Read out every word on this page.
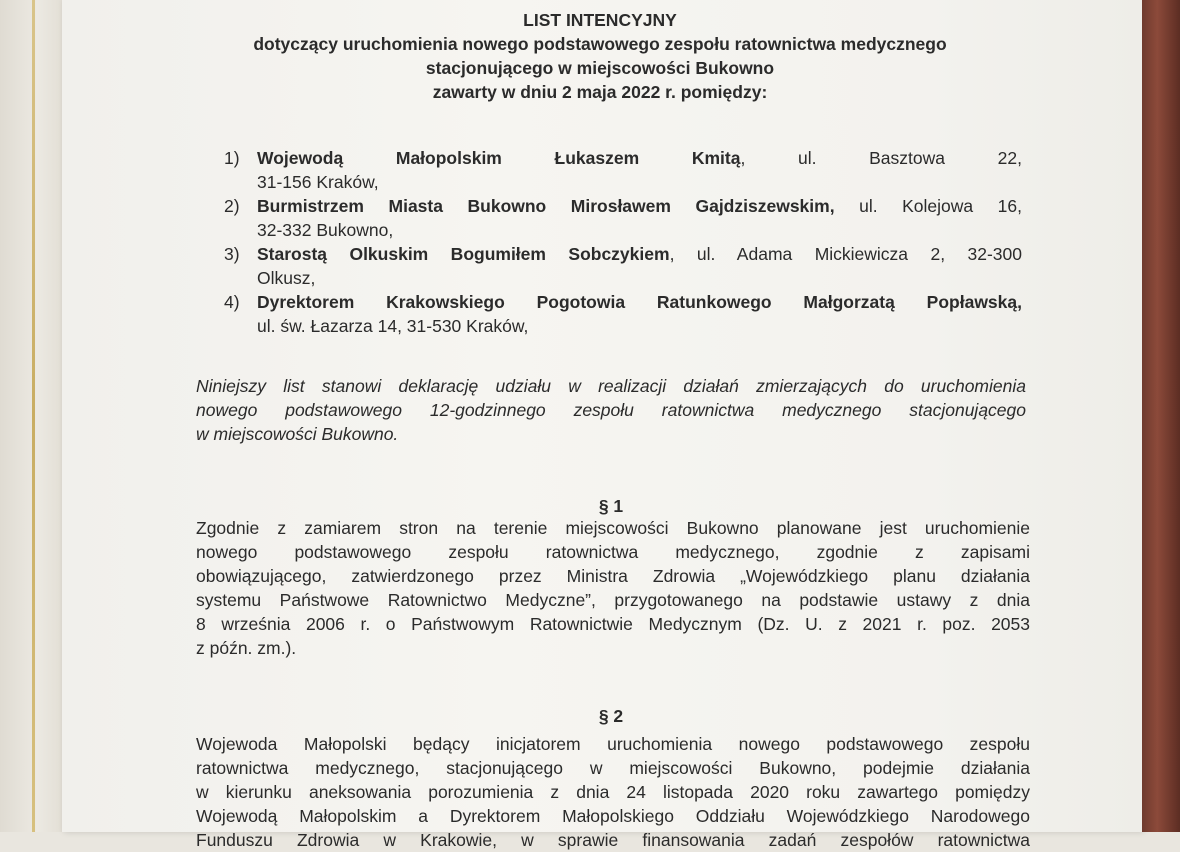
LIST INTENCYJNY
dotyczący uruchomienia nowego podstawowego zespołu ratownictwa medycznego
stacjonującego w miejscowości Bukowno
zawarty w dniu 2 maja 2022 r. pomiędzy:
1) Wojewodą Małopolskim Łukaszem Kmitą, ul. Basztowa 22,
31-156 Kraków,
2) Burmistrzem Miasta Bukowno Mirosławem Gajdziszewskim, ul. Kolejowa 16,
32-332 Bukowno,
3) Starostą Olkuskim Bogumiłem Sobczykiem, ul. Adama Mickiewicza 2, 32-300
Olkusz,
4) Dyrektorem Krakowskiego Pogotowia Ratunkowego Małgorzatą Popławską,
ul. św. Łazarza 14, 31-530 Kraków,
Niniejszy list stanowi deklarację udziału w realizacji działań zmierzających do uruchomienia
nowego podstawowego 12-godzinnego zespołu ratownictwa medycznego stacjonującego
w miejscowości Bukowno.
§ 1
Zgodnie z zamiarem stron na terenie miejscowości Bukowno planowane jest uruchomienie
nowego podstawowego zespołu ratownictwa medycznego, zgodnie z zapisami
obowiązującego, zatwierdzonego przez Ministra Zdrowia „Wojewódzkiego planu działania
systemu Państwowe Ratownictwo Medyczne”, przygotowanego na podstawie ustawy z dnia
8 września 2006 r. o Państwowym Ratownictwie Medycznym (Dz. U. z 2021 r. poz. 2053
z późn. zm.).
§ 2
Wojewoda Małopolski będący inicjatorem uruchomienia nowego podstawowego zespołu
ratownictwa medycznego, stacjonującego w miejscowości Bukowno, podejmie działania
w kierunku aneksowania porozumienia z dnia 24 listopada 2020 roku zawartego pomiędzy
Wojewodą Małopolskim a Dyrektorem Małopolskiego Oddziału Wojewódzkiego Narodowego
Funduszu Zdrowia w Krakowie, w sprawie finansowania zadań zespołów ratownictwa
